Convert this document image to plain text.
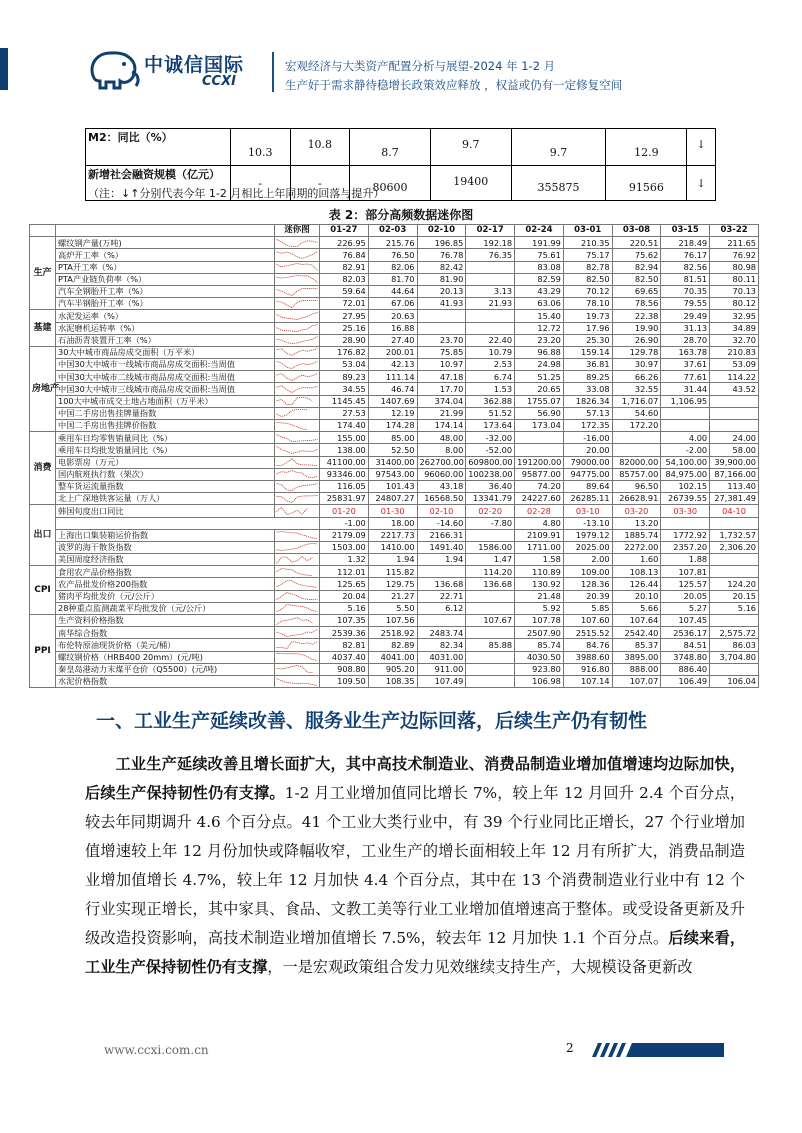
中诚信国际
CCXI
宏观经济与大类资产配置分析与展望-2024 年 1-2 月
生产好于需求静待稳增长政策效应释放 ，权益或仍有一定修复空间
M2：同比（%）	10.3	10.8	8.7	9.7	9.7	12.9	↓
新增社会融资规模（亿元）	-	-	80600	19400	355875	91566	↓
（注：↓↑分别代表今年 1-2 月相比上年同期的回落与提升）
表 2：部分高频数据迷你图
		迷你图	01-27	02-03	02-10	02-17	02-24	03-01	03-08	03-15	03-22
生产	螺纹钢产量(万吨)		226.95	215.76	196.85	192.18	191.99	210.35	220.51	218.49	211.65
	高炉开工率（%）		76.84	76.50	76.78	76.35	75.61	75.17	75.62	76.17	76.92
	PTA开工率（%）		82.91	82.06	82.42		83.08	82.78	82.94	82.56	80.98
	PTA产业链负荷率（%）		82.03	81.70	81.90		82.59	82.50	82.50	81.51	80.11
	汽车全钢胎开工率（%）		59.64	44.64	20.13	3.13	43.29	70.12	69.65	70.35	70.13
	汽车半钢胎开工率（%）		72.01	67.06	41.93	21.93	63.06	78.10	78.56	79.55	80.12
基建	水泥发运率（%）		27.95	20.63			15.40	19.73	22.38	29.49	32.95
	水泥磨机运转率（%）		25.16	16.88			12.72	17.96	19.90	31.13	34.89
	石油沥青装置开工率（%）		28.90	27.40	23.70	22.40	23.20	25.30	26.90	28.70	32.70
房地产	30大中城市商品房成交面积（万平米）		176.82	200.01	75.85	10.79	96.88	159.14	129.78	163.78	210.83
	中国30大中城市一线城市商品房成交面积:当周值		53.04	42.13	10.97	2.53	24.98	36.81	30.97	37.61	53.09
	中国30大中城市二线城市商品房成交面积:当周值		89.23	111.14	47.18	6.74	51.25	89.25	66.26	77.61	114.22
	中国30大中城市三线城市商品房成交面积:当周值		34.55	46.74	17.70	1.53	20.65	33.08	32.55	31.44	43.52
	100大中城市成交土地占地面积（万平米）		1145.45	1407.69	374.04	362.88	1755.07	1826.34	1,716.07	1,106.95	
	中国二手房出售挂牌量指数		27.53	12.19	21.99	51.52	56.90	57.13	54.60		
	中国二手房出售挂牌价指数		174.40	174.28	174.14	173.64	173.04	172.35	172.20		
消费	乘用车日均零售销量同比（%）		155.00	85.00	48.00	-32.00		-16.00		4.00	24.00
	乘用车日均批发销量同比（%）		138.00	52.50	8.00	-52.00		20.00		-2.00	58.00
	电影票房（万元）		41100.00	31400.00	262700.00	609800.00	191200.00	79000.00	82000.00	54,100.00	39,900.00
	国内航班执行数（架次）		93346.00	97543.00	96060.00	100238.00	95877.00	94775.00	85757.00	84,975.00	87,166.00
	整车货运流量指数		116.05	101.43	43.18	36.40	74.20	89.64	96.50	102.15	113.40
	北上广深地铁客运量（万人）		25831.97	24807.27	16568.50	13341.79	24227.60	26285.11	26628.91	26739.55	27,381.49
出口	韩国旬度出口同比		01-20	01-30	02-10	02-20	02-28	03-10	03-20	03-30	04-10
			-1.00	18.00	-14.60	-7.80	4.80	-13.10	13.20		
	上海出口集装箱运价指数		2179.09	2217.73	2166.31		2109.91	1979.12	1885.74	1772.92	1,732.57
	波罗的海干散货指数		1503.00	1410.00	1491.40	1586.00	1711.00	2025.00	2272.00	2357.20	2,306.20
	美国周度经济指数		1.32	1.94	1.94	1.47	1.58	2.00	1.60	1.88	
CPI	食用农产品价格指数		112.01	115.82		114.20	110.89	109.00	108.13	107.81	
	农产品批发价格200指数		125.65	129.75	136.68	136.68	130.92	128.36	126.44	125.57	124.20
	猪肉平均批发价（元/公斤）		20.04	21.27	22.71		21.48	20.39	20.10	20.05	20.15
	28种重点监测蔬菜平均批发价（元/公斤）		5.16	5.50	6.12		5.92	5.85	5.66	5.27	5.16
PPI	生产资料价格指数		107.35	107.56		107.67	107.78	107.60	107.64	107.45	
	南华综合指数		2539.36	2518.92	2483.74		2507.90	2515.52	2542.40	2536.17	2,575.72
	布伦特原油现货价格（美元/桶）		82.81	82.89	82.34	85.88	85.74	84.76	85.37	84.51	86.03
	螺纹钢价格（HRB400 20mm）(元/吨)		4037.40	4041.00	4031.00		4030.50	3988.60	3895.00	3748.80	3,704.80
	秦皇岛港动力末煤平仓价（Q5500）(元/吨)		908.80	905.20	911.00		923.80	916.80	888.00	886.40	
	水泥价格指数		109.50	108.35	107.49		106.98	107.14	107.07	106.49	106.04
一、工业生产延续改善、服务业生产边际回落，后续生产仍有韧性
  工业生产延续改善且增长面扩大，其中高技术制造业、消费品制造业增加值增速均边际加快，后续生产保持韧性仍有支撑。1-2 月工业增加值同比增长 7%，较上年 12 月回升 2.4 个百分点，较去年同期调升 4.6 个百分点。41 个工业大类行业中，有 39 个行业同比正增长，27 个行业增加值增速较上年 12 月份加快或降幅收窄，工业生产的增长面相较上年 12 月有所扩大，消费品制造业增加值增长 4.7%，较上年 12 月加快 4.4 个百分点，其中在 13 个消费制造业行业中有 12 个行业实现正增长，其中家具、食品、文教工美等行业工业增加值增速高于整体。或受设备更新及升级改造投资影响，高技术制造业增加值增长 7.5%，较去年 12 月加快 1.1 个百分点。后续来看，工业生产保持韧性仍有支撑，一是宏观政策组合发力见效继续支持生产，大规模设备更新改
www.ccxi.com.cn	2
